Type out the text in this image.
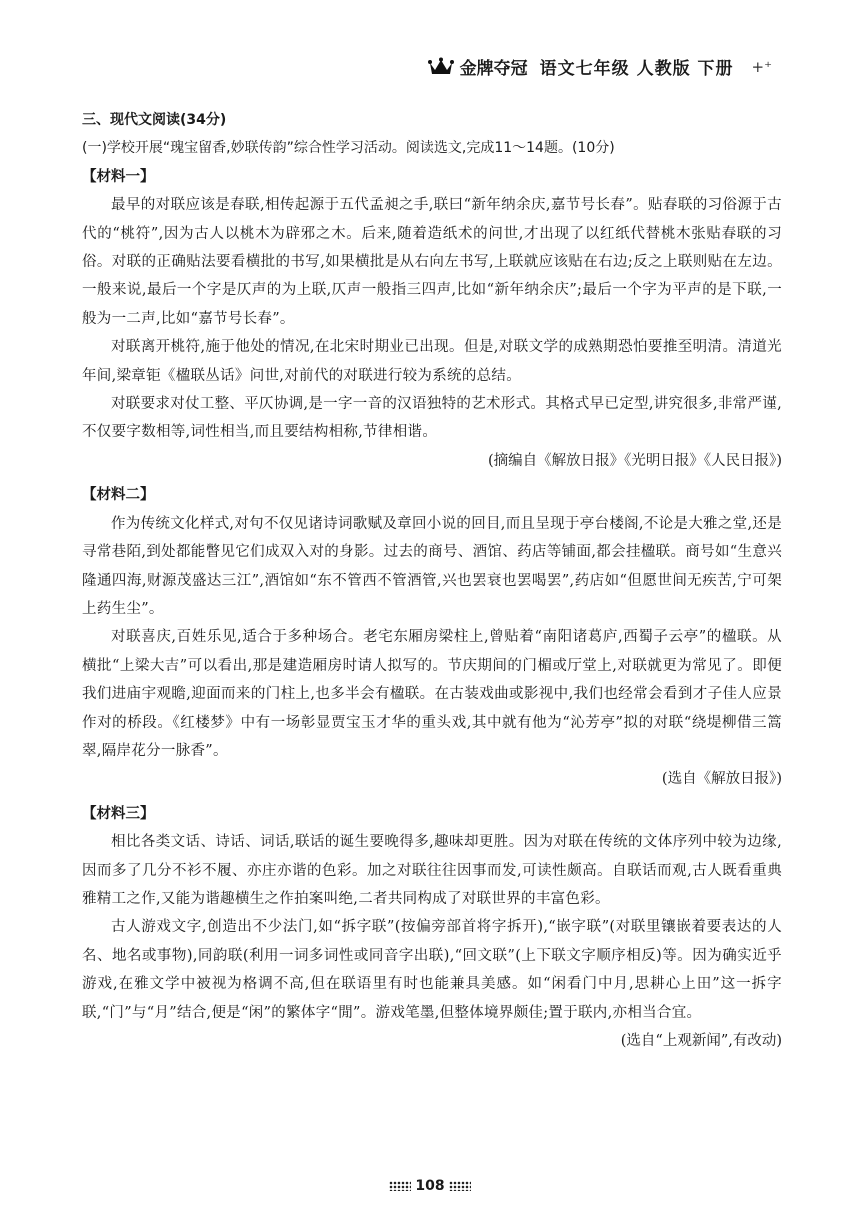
金牌夺冠 语文七年级 人教版 下册 +⁺
三、现代文阅读(34分)
(一)学校开展“瑰宝留香,妙联传韵”综合性学习活动。阅读选文,完成11～14题。(10分)
【材料一】

最早的对联应该是春联,相传起源于五代孟昶之手,联曰“新年纳余庆,嘉节号长春”。贴春联的习俗源于古代的“桃符”,因为古人以桃木为辟邪之木。后来,随着造纸术的问世,才出现了以红纸代替桃木张贴春联的习俗。对联的正确贴法要看横批的书写,如果横批是从右向左书写,上联就应该贴在右边;反之上联则贴在左边。一般来说,最后一个字是仄声的为上联,仄声一般指三四声,比如“新年纳余庆”;最后一个字为平声的是下联,一般为一二声,比如“嘉节号长春”。

对联离开桃符,施于他处的情况,在北宋时期业已出现。但是,对联文学的成熟期恐怕要推至明清。清道光年间,梁章钜《楹联丛话》问世,对前代的对联进行较为系统的总结。

对联要求对仗工整、平仄协调,是一字一音的汉语独特的艺术形式。其格式早已定型,讲究很多,非常严谨,不仅要字数相等,词性相当,而且要结构相称,节律相谐。

(摘编自《解放日报》《光明日报》《人民日报》)

【材料二】

作为传统文化样式,对句不仅见诸诗词歌赋及章回小说的回目,而且呈现于亭台楼阁,不论是大雅之堂,还是寻常巷陌,到处都能瞥见它们成双入对的身影。过去的商号、酒馆、药店等铺面,都会挂楹联。商号如“生意兴隆通四海,财源茂盛达三江”,酒馆如“东不管西不管酒管,兴也罢衰也罢喝罢”,药店如“但愿世间无疾苦,宁可架上药生尘”。

对联喜庆,百姓乐见,适合于多种场合。老宅东厢房梁柱上,曾贴着“南阳诸葛庐,西蜀子云亭”的楹联。从横批“上梁大吉”可以看出,那是建造厢房时请人拟写的。节庆期间的门楣或厅堂上,对联就更为常见了。即便我们进庙宇观瞻,迎面而来的门柱上,也多半会有楹联。在古装戏曲或影视中,我们也经常会看到才子佳人应景作对的桥段。《红楼梦》中有一场彰显贾宝玉才华的重头戏,其中就有他为“沁芳亭”拟的对联“绕堤柳借三篙翠,隔岸花分一脉香”。

(选自《解放日报》)

【材料三】

相比各类文话、诗话、词话,联话的诞生要晚得多,趣味却更胜。因为对联在传统的文体序列中较为边缘,因而多了几分不衫不履、亦庄亦谐的色彩。加之对联往往因事而发,可读性颇高。自联话而观,古人既看重典雅精工之作,又能为谐趣横生之作拍案叫绝,二者共同构成了对联世界的丰富色彩。

古人游戏文字,创造出不少法门,如“拆字联”(按偏旁部首将字拆开),“嵌字联”(对联里镶嵌着要表达的人名、地名或事物),同韵联(利用一词多词性或同音字出联),“回文联”(上下联文字顺序相反)等。因为确实近乎游戏,在雅文学中被视为格调不高,但在联语里有时也能兼具美感。如“闲看门中月,思耕心上田”这一拆字联,“门”与“月”结合,便是“闲”的繁体字“閒”。游戏笔墨,但整体境界颇佳;置于联内,亦相当合宜。

(选自“上观新闻”,有改动)

108
